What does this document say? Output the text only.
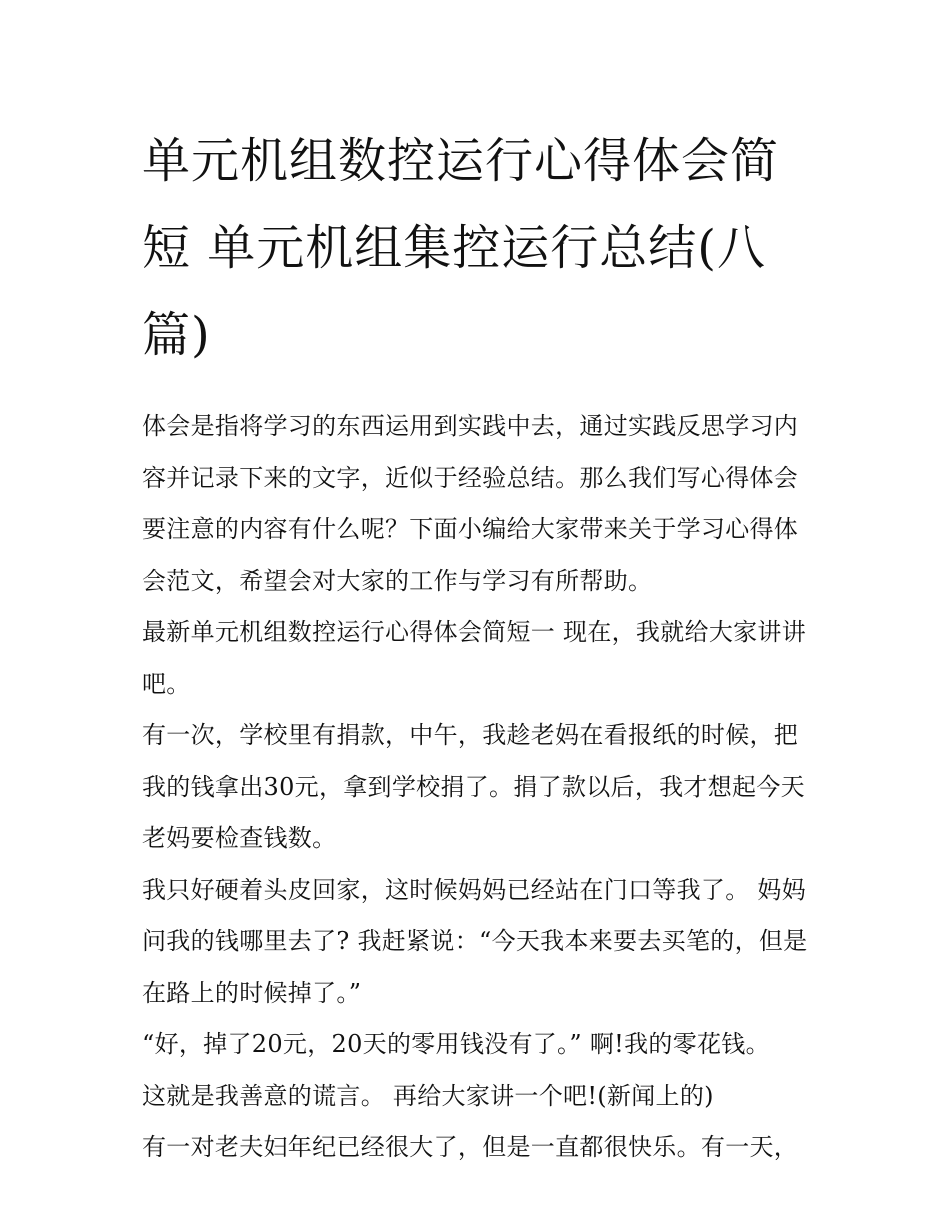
单元机组数控运行心得体会简短 单元机组集控运行总结(八篇)

体会是指将学习的东西运用到实践中去，通过实践反思学习内容并记录下来的文字，近似于经验总结。那么我们写心得体会要注意的内容有什么呢？下面小编给大家带来关于学习心得体会范文，希望会对大家的工作与学习有所帮助。

最新单元机组数控运行心得体会简短一 现在，我就给大家讲讲吧。

有一次，学校里有捐款，中午，我趁老妈在看报纸的时候，把我的钱拿出30元，拿到学校捐了。捐了款以后，我才想起今天老妈要检查钱数。

我只好硬着头皮回家，这时候妈妈已经站在门口等我了。 妈妈问我的钱哪里去了? 我赶紧说：“今天我本来要去买笔的，但是在路上的时候掉了。”

“好，掉了20元，20天的零用钱没有了。” 啊!我的零花钱。

这就是我善意的谎言。 再给大家讲一个吧!(新闻上的)

有一对老夫妇年纪已经很大了，但是一直都很快乐。有一天，
